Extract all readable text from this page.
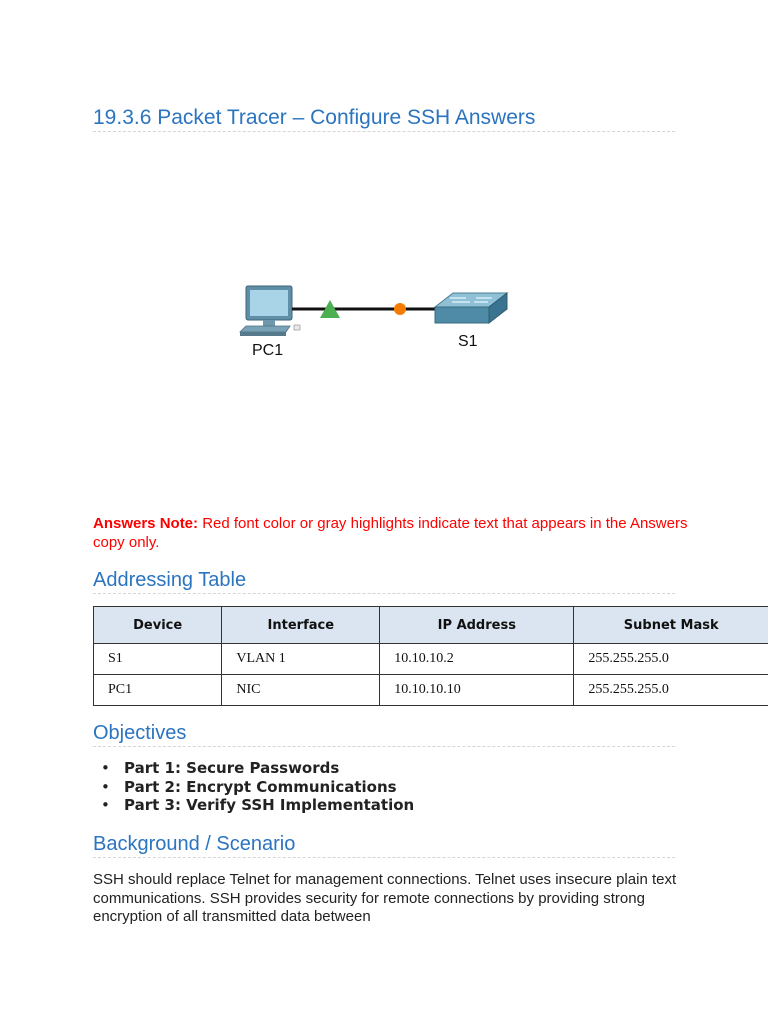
19.3.6 Packet Tracer – Configure SSH Answers
PC1
S1
Answers Note: Red font color or gray highlights indicate text that appears in the Answers copy only.
Addressing Table
Device	Interface	IP Address	Subnet Mask
S1	VLAN 1	10.10.10.2	255.255.255.0
PC1	NIC	10.10.10.10	255.255.255.0
Objectives
• Part 1: Secure Passwords
• Part 2: Encrypt Communications
• Part 3: Verify SSH Implementation
Background / Scenario

SSH should replace Telnet for management connections. Telnet uses insecure plain text communications. SSH provides security for remote connections by providing strong encryption of all transmitted data between
